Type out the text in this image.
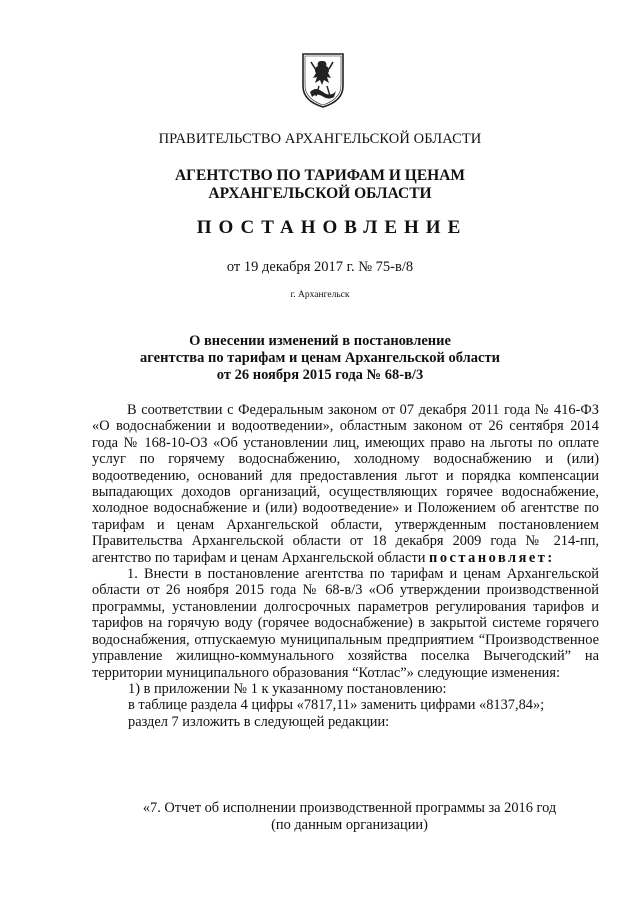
ПРАВИТЕЛЬСТВО АРХАНГЕЛЬСКОЙ ОБЛАСТИ
АГЕНТСТВО ПО ТАРИФАМ И ЦЕНАМ
АРХАНГЕЛЬСКОЙ ОБЛАСТИ
ПОСТАНОВЛЕНИЕ
от 19 декабря 2017 г. № 75-в/8
г. Архангельск
О внесении изменений в постановление
агентства по тарифам и ценам Архангельской области
от 26 ноября 2015 года № 68-в/3

В соответствии с Федеральным законом от 07 декабря 2011 года № 416-ФЗ «О водоснабжении и водоотведении», областным законом от 26 сентября 2014 года № 168-10-ОЗ «Об установлении лиц, имеющих право на льготы по оплате услуг по горячему водоснабжению, холодному водоснабжению и (или) водоотведению, оснований для предоставления льгот и порядка компенсации выпадающих доходов организаций, осуществляющих горячее водоснабжение, холодное водоснабжение и (или) водоотведение» и Положением об агентстве по тарифам и ценам Архангельской области, утвержденным постановлением Правительства Архангельской области от 18 декабря 2009 года № 214-пп, агентство по тарифам и ценам Архангельской области постановляет:

1. Внести в постановление агентства по тарифам и ценам Архангельской области от 26 ноября 2015 года № 68-в/3 «Об утверждении производственной программы, установлении долгосрочных параметров регулирования тарифов и тарифов на горячую воду (горячее водоснабжение) в закрытой системе горячего водоснабжения, отпускаемую муниципальным предприятием “Производственное управление жилищно-коммунального хозяйства поселка Вычегодский” на территории муниципального образования “Котлас”» следующие изменения:

1) в приложении № 1 к указанному постановлению:

в таблице раздела 4 цифры «7817,11» заменить цифрами «8137,84»;

раздел 7 изложить в следующей редакции:

«7. Отчет об исполнении производственной программы за 2016 год
(по данным организации)
